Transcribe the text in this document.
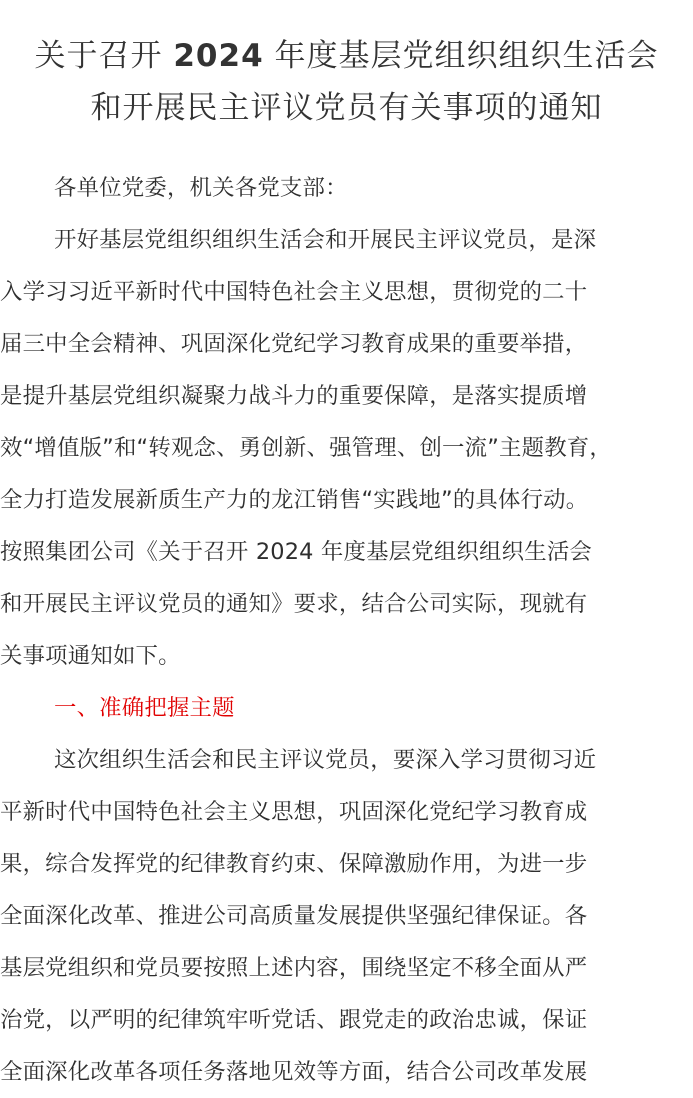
关于召开 2024 年度基层党组织组织生活会
和开展民主评议党员有关事项的通知
各单位党委，机关各党支部：
开好基层党组织组织生活会和开展民主评议党员，是深
入学习习近平新时代中国特色社会主义思想，贯彻党的二十
届三中全会精神、巩固深化党纪学习教育成果的重要举措，
是提升基层党组织凝聚力战斗力的重要保障，是落实提质增
效“增值版”和“转观念、勇创新、强管理、创一流”主题教育，
全力打造发展新质生产力的龙江销售“实践地”的具体行动。
按照集团公司《关于召开 2024 年度基层党组织组织生活会
和开展民主评议党员的通知》要求，结合公司实际，现就有
关事项通知如下。
一、准确把握主题
这次组织生活会和民主评议党员，要深入学习贯彻习近
平新时代中国特色社会主义思想，巩固深化党纪学习教育成
果，综合发挥党的纪律教育约束、保障激励作用，为进一步
全面深化改革、推进公司高质量发展提供坚强纪律保证。各
基层党组织和党员要按照上述内容，围绕坚定不移全面从严
治党，以严明的纪律筑牢听党话、跟党走的政治忠诚，保证
全面深化改革各项任务落地见效等方面，结合公司改革发展
